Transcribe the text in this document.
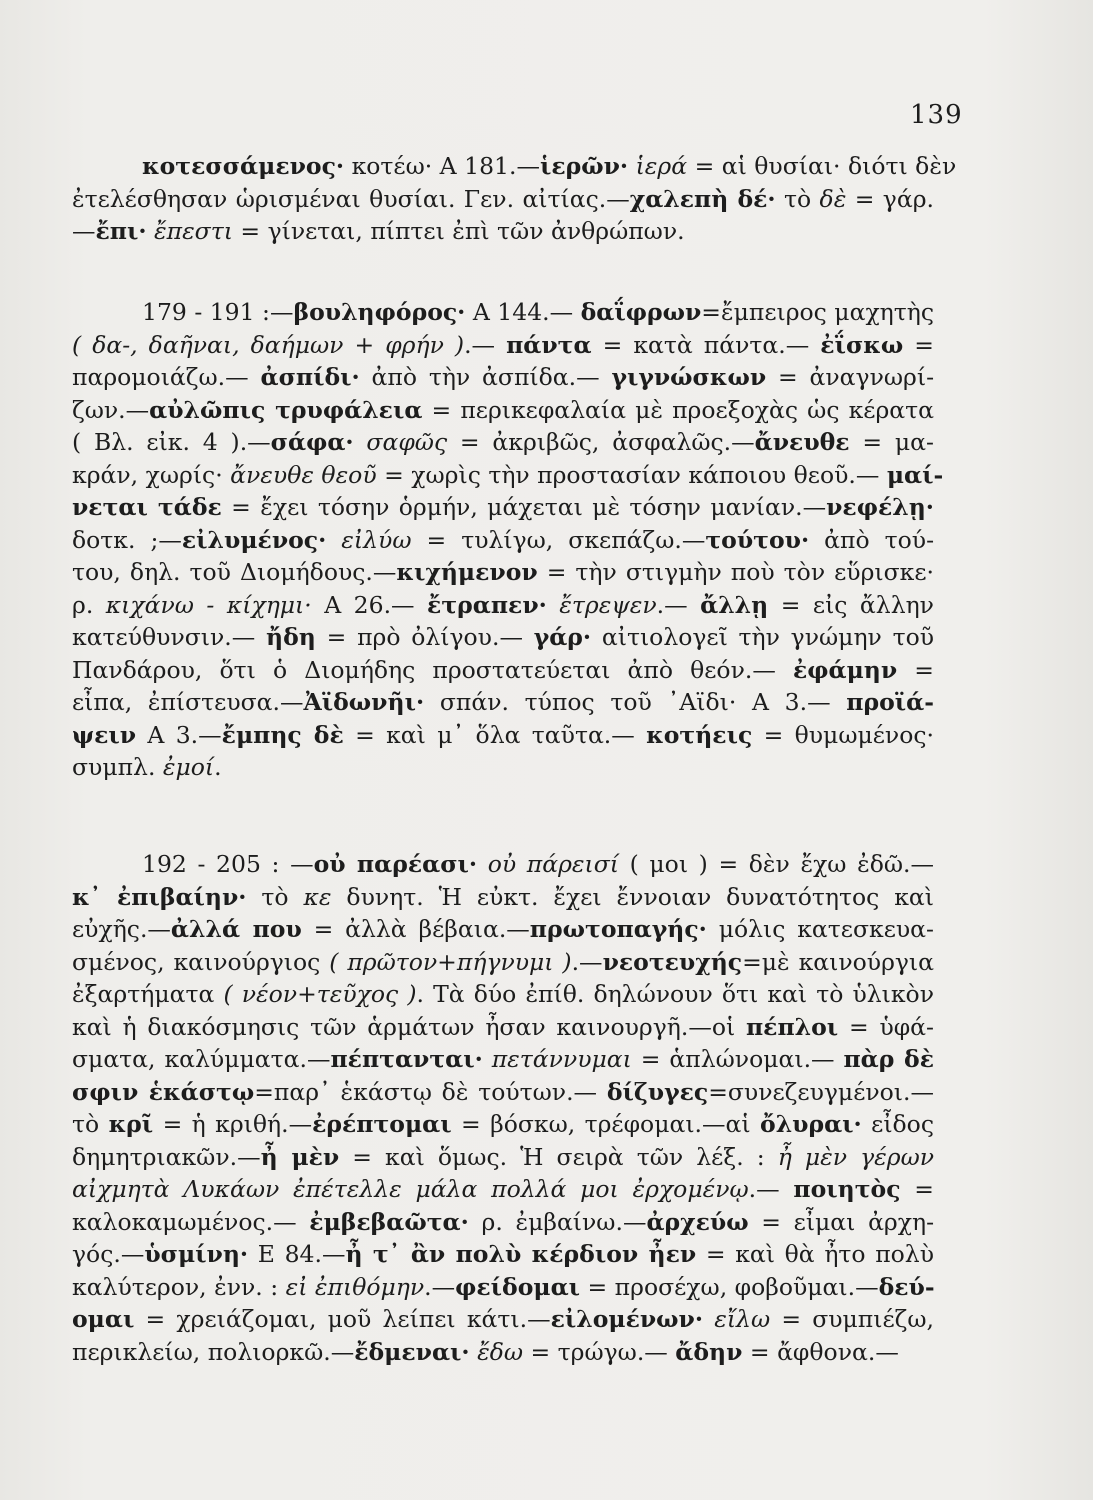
139
κοτεσσάμενος· κοτέω· Α 181.—ἱερῶν· ἱερά = αἱ θυσίαι· διότι δὲν
ἐτελέσθησαν ὡρισμέναι θυσίαι. Γεν. αἰτίας.—χαλεπὴ δέ· τὸ δὲ = γάρ.
—ἔπι· ἔπεστι = γίνεται, πίπτει ἐπὶ τῶν ἀνθρώπων.
179 - 191 :—βουληφόρος· Α 144.— δαΐφρων=ἔμπειρος μαχητὴς
( δα-, δαῆναι, δαήμων + φρήν ).— πάντα = κατὰ πάντα.— ἐΐσκω =
παρομοιάζω.— ἀσπίδι· ἀπὸ τὴν ἀσπίδα.— γιγνώσκων = ἀναγνωρί-
ζων.—αὐλῶπις τρυφάλεια = περικεφαλαία μὲ προεξοχὰς ὡς κέρατα
( Βλ. εἰκ. 4 ).—σάφα· σαφῶς = ἀκριβῶς, ἀσφαλῶς.—ἄνευθε = μα-
κράν, χωρίς· ἄνευθε θεοῦ = χωρὶς τὴν προστασίαν κάποιου θεοῦ.— μαί-
νεται τάδε = ἔχει τόσην ὁρμήν, μάχεται μὲ τόσην μανίαν.—νεφέλῃ·
δοτκ. ;—εἰλυμένος· εἰλύω = τυλίγω, σκεπάζω.—τούτου· ἀπὸ τού-
του, δηλ. τοῦ Διομήδους.—κιχήμενον = τὴν στιγμὴν ποὺ τὸν εὕρισκε·
ρ. κιχάνω - κίχημι· Α 26.— ἔτραπεν· ἔτρεψεν.— ἄλλῃ = εἰς ἄλλην
κατεύθυνσιν.— ἤδη = πρὸ ὀλίγου.— γάρ· αἰτιολογεῖ τὴν γνώμην τοῦ
Πανδάρου, ὅτι ὁ Διομήδης προστατεύεται ἀπὸ θεόν.— ἐφάμην =
εἶπα, ἐπίστευσα.—Ἀϊδωνῆι· σπάν. τύπος τοῦ ᾿Αϊδι· Α 3.— προϊά-
ψειν Α 3.—ἔμπης δὲ = καὶ μ᾿ ὅλα ταῦτα.— κοτήεις = θυμωμένος·
συμπλ. ἐμοί.
192 - 205 : —οὐ παρέασι· οὐ πάρεισί ( μοι ) = δὲν ἔχω ἐδῶ.—
κ᾿ ἐπιβαίην· τὸ κε δυνητ. Ἡ εὐκτ. ἔχει ἔννοιαν δυνατότητος καὶ
εὐχῆς.—ἀλλά που = ἀλλὰ βέβαια.—πρωτοπαγής· μόλις κατεσκευα-
σμένος, καινούργιος ( πρῶτον+πήγνυμι ).—νεοτευχής=μὲ καινούργια
ἐξαρτήματα ( νέον+τεῦχος ). Τὰ δύο ἐπίθ. δηλώνουν ὅτι καὶ τὸ ὑλικὸν
καὶ ἡ διακόσμησις τῶν ἁρμάτων ἦσαν καινουργῆ.—οἱ πέπλοι = ὑφά-
σματα, καλύμματα.—πέπτανται· πετάννυμαι = ἁπλώνομαι.— πὰρ δὲ
σφιν ἑκάστῳ=παρ᾿ ἑκάστῳ δὲ τούτων.— δίζυγες=συνεζευγμένοι.—
τὸ κρῖ = ἡ κριθή.—ἐρέπτομαι = βόσκω, τρέφομαι.—αἱ ὄλυραι· εἶδος
δημητριακῶν.—ἦ μὲν = καὶ ὅμως. Ἡ σειρὰ τῶν λέξ. : ἦ μὲν γέρων
αἰχμητὰ Λυκάων ἐπέτελλε μάλα πολλά μοι ἐρχομένῳ.— ποιητὸς =
καλοκαμωμένος.— ἐμβεβαῶτα· ρ. ἐμβαίνω.—ἀρχεύω = εἶμαι ἀρχη-
γός.—ὑσμίνη· Ε 84.—ἦ τ᾿ ἂν πολὺ κέρδιον ἦεν = καὶ θὰ ἦτο πολὺ
καλύτερον, ἐνν. : εἰ ἐπιθόμην.—φείδομαι = προσέχω, φοβοῦμαι.—δεύ-
ομαι = χρειάζομαι, μοῦ λείπει κάτι.—εἰλομένων· εἴλω = συμπιέζω,
περικλείω, πολιορκῶ.—ἔδμεναι· ἔδω = τρώγω.— ἄδην = ἄφθονα.—
